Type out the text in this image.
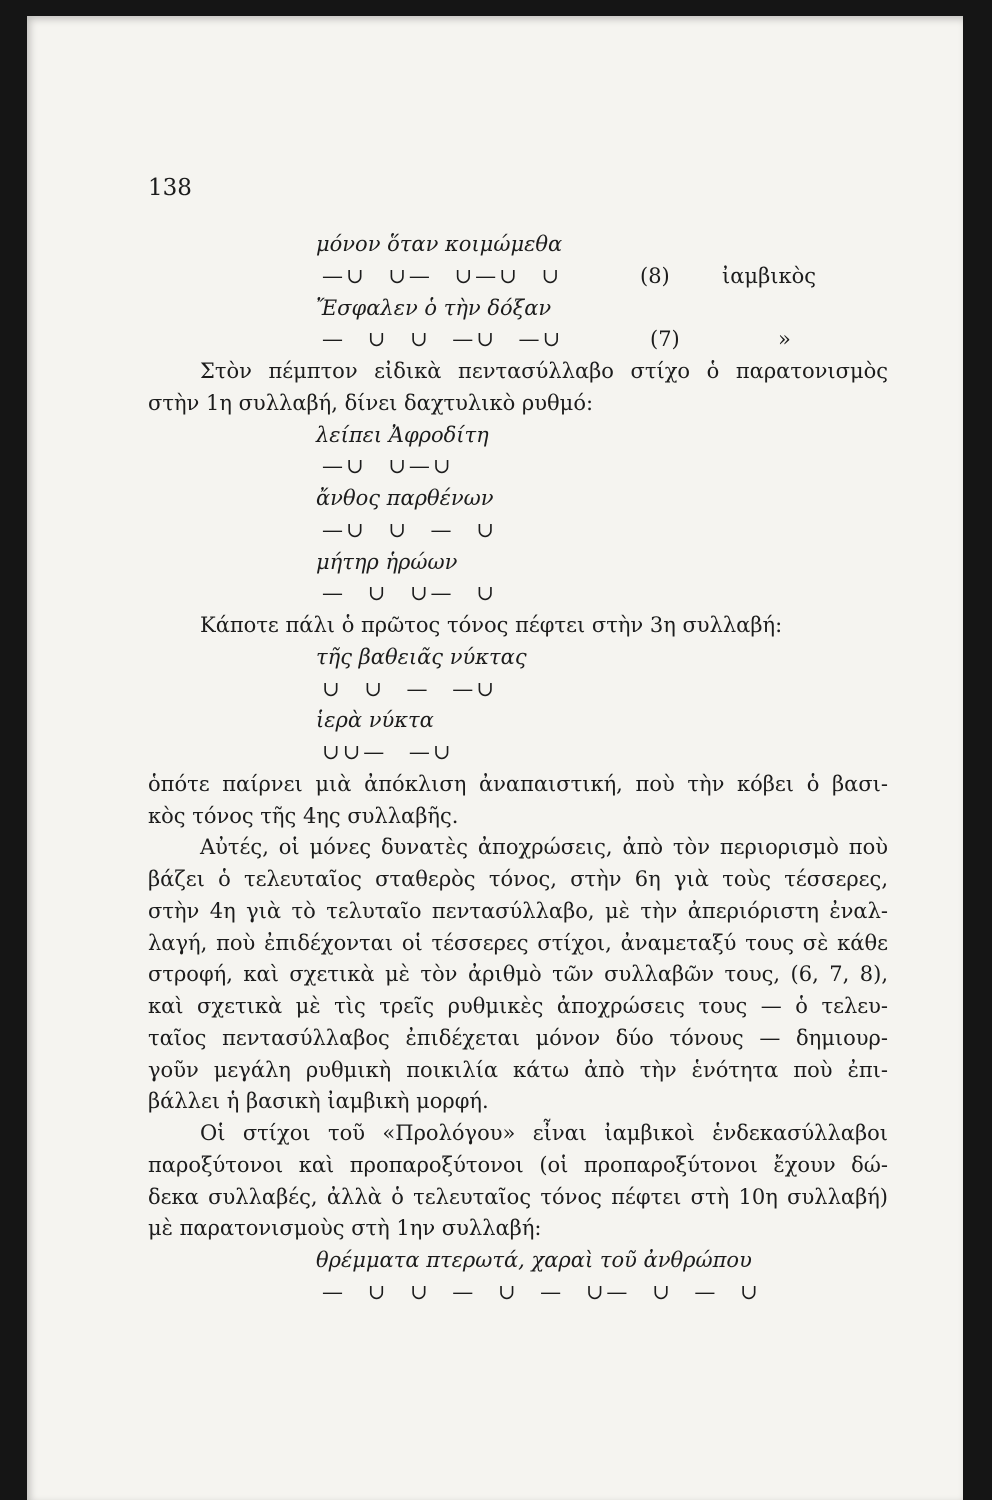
138
μόνον ὅταν κοιμώμεθα
—∪ ∪— ∪—∪ ∪	(8) ἰαμβικὸς
Ἔσφαλεν ὁ τὴν δόξαν
— ∪ ∪ —∪ —∪	(7)	»
Στὸν πέμπτον εἰδικὰ πεντασύλλαβο στίχο ὁ παρατονισμὸς
στὴν 1η συλλαβή, δίνει δαχτυλικὸ ρυθμό:
λείπει Ἀφροδίτη
—∪ ∪—∪
ἄνθος παρθένων
—∪ ∪ — ∪
μήτηρ ἡρώων
— ∪ ∪— ∪
Κάποτε πάλι ὁ πρῶτος τόνος πέφτει στὴν 3η συλλαβή:
τῆς βαθειᾶς νύκτας
∪ ∪ — —∪
ἱερὰ νύκτα
∪∪— —∪
ὁπότε παίρνει μιὰ ἀπόκλιση ἀναπαιστική, ποὺ τὴν κόβει ὁ βασι-
κὸς τόνος τῆς 4ης συλλαβῆς.
Αὐτές, οἱ μόνες δυνατὲς ἀποχρώσεις, ἀπὸ τὸν περιορισμὸ ποὺ
βάζει ὁ τελευταῖος σταθερὸς τόνος, στὴν 6η γιὰ τοὺς τέσσερες,
στὴν 4η γιὰ τὸ τελυταῖο πεντασύλλαβο, μὲ τὴν ἀπεριόριστη ἐναλ-
λαγή, ποὺ ἐπιδέχονται οἱ τέσσερες στίχοι, ἀναμεταξύ τους σὲ κάθε
στροφή, καὶ σχετικὰ μὲ τὸν ἀριθμὸ τῶν συλλαβῶν τους, (6, 7, 8),
καὶ σχετικὰ μὲ τὶς τρεῖς ρυθμικὲς ἀποχρώσεις τους — ὁ τελευ-
ταῖος πεντασύλλαβος ἐπιδέχεται μόνον δύο τόνους — δημιουρ-
γοῦν μεγάλη ρυθμικὴ ποικιλία κάτω ἀπὸ τὴν ἑνότητα ποὺ ἐπι-
βάλλει ἡ βασικὴ ἰαμβικὴ μορφή.
Οἱ στίχοι τοῦ «Προλόγου» εἶναι ἰαμβικοὶ ἑνδεκασύλλαβοι
παροξύτονοι καὶ προπαροξύτονοι (οἱ προπαροξύτονοι ἔχουν δώ-
δεκα συλλαβές, ἀλλὰ ὁ τελευταῖος τόνος πέφτει στὴ 10η συλλαβή)
μὲ παρατονισμοὺς στὴ 1ην συλλαβή:
θρέμματα πτερωτά, χαραὶ τοῦ ἀνθρώπου
— ∪ ∪ — ∪ — ∪— ∪ — ∪
